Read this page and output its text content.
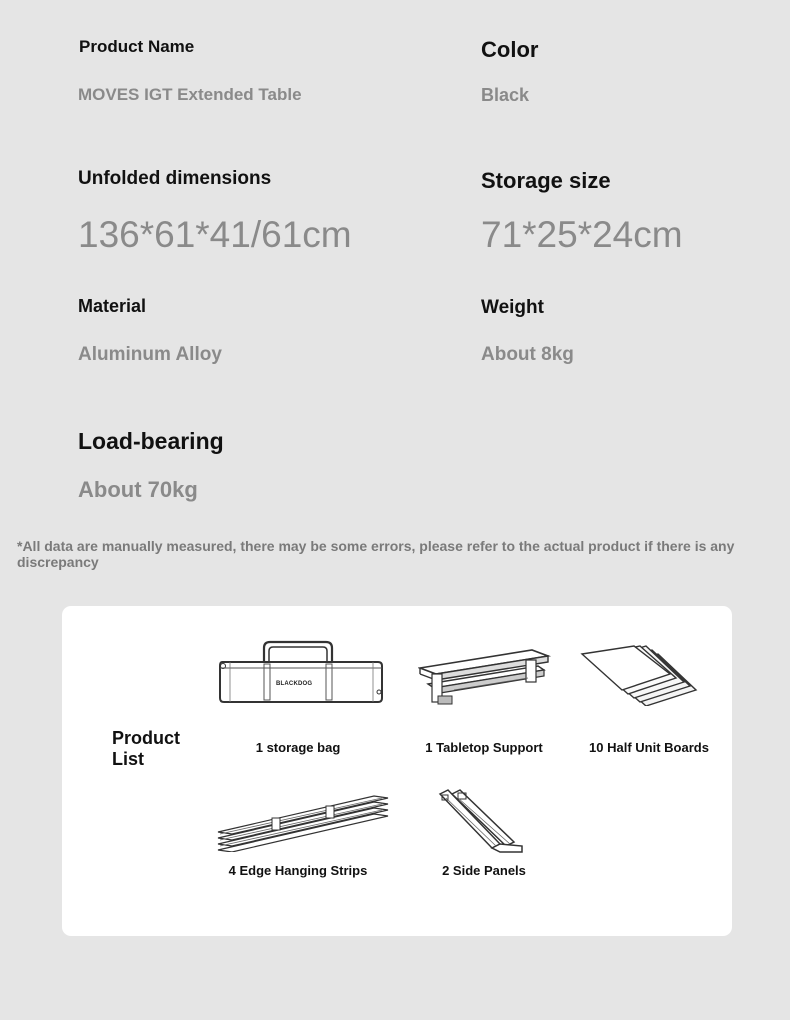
Product Name
MOVES IGT Extended Table
Color
Black
Unfolded dimensions
136*61*41/61cm
Storage size
71*25*24cm
Material
Aluminum Alloy
Weight
About 8kg
Load-bearing
About 70kg
*All data are manually measured, there may be some errors, please refer to the actual product if there is any discrepancy
Product
List
BLACKDOG
1 storage bag	1 Tabletop Support	10 Half Unit Boards
4 Edge Hanging Strips	2 Side Panels
